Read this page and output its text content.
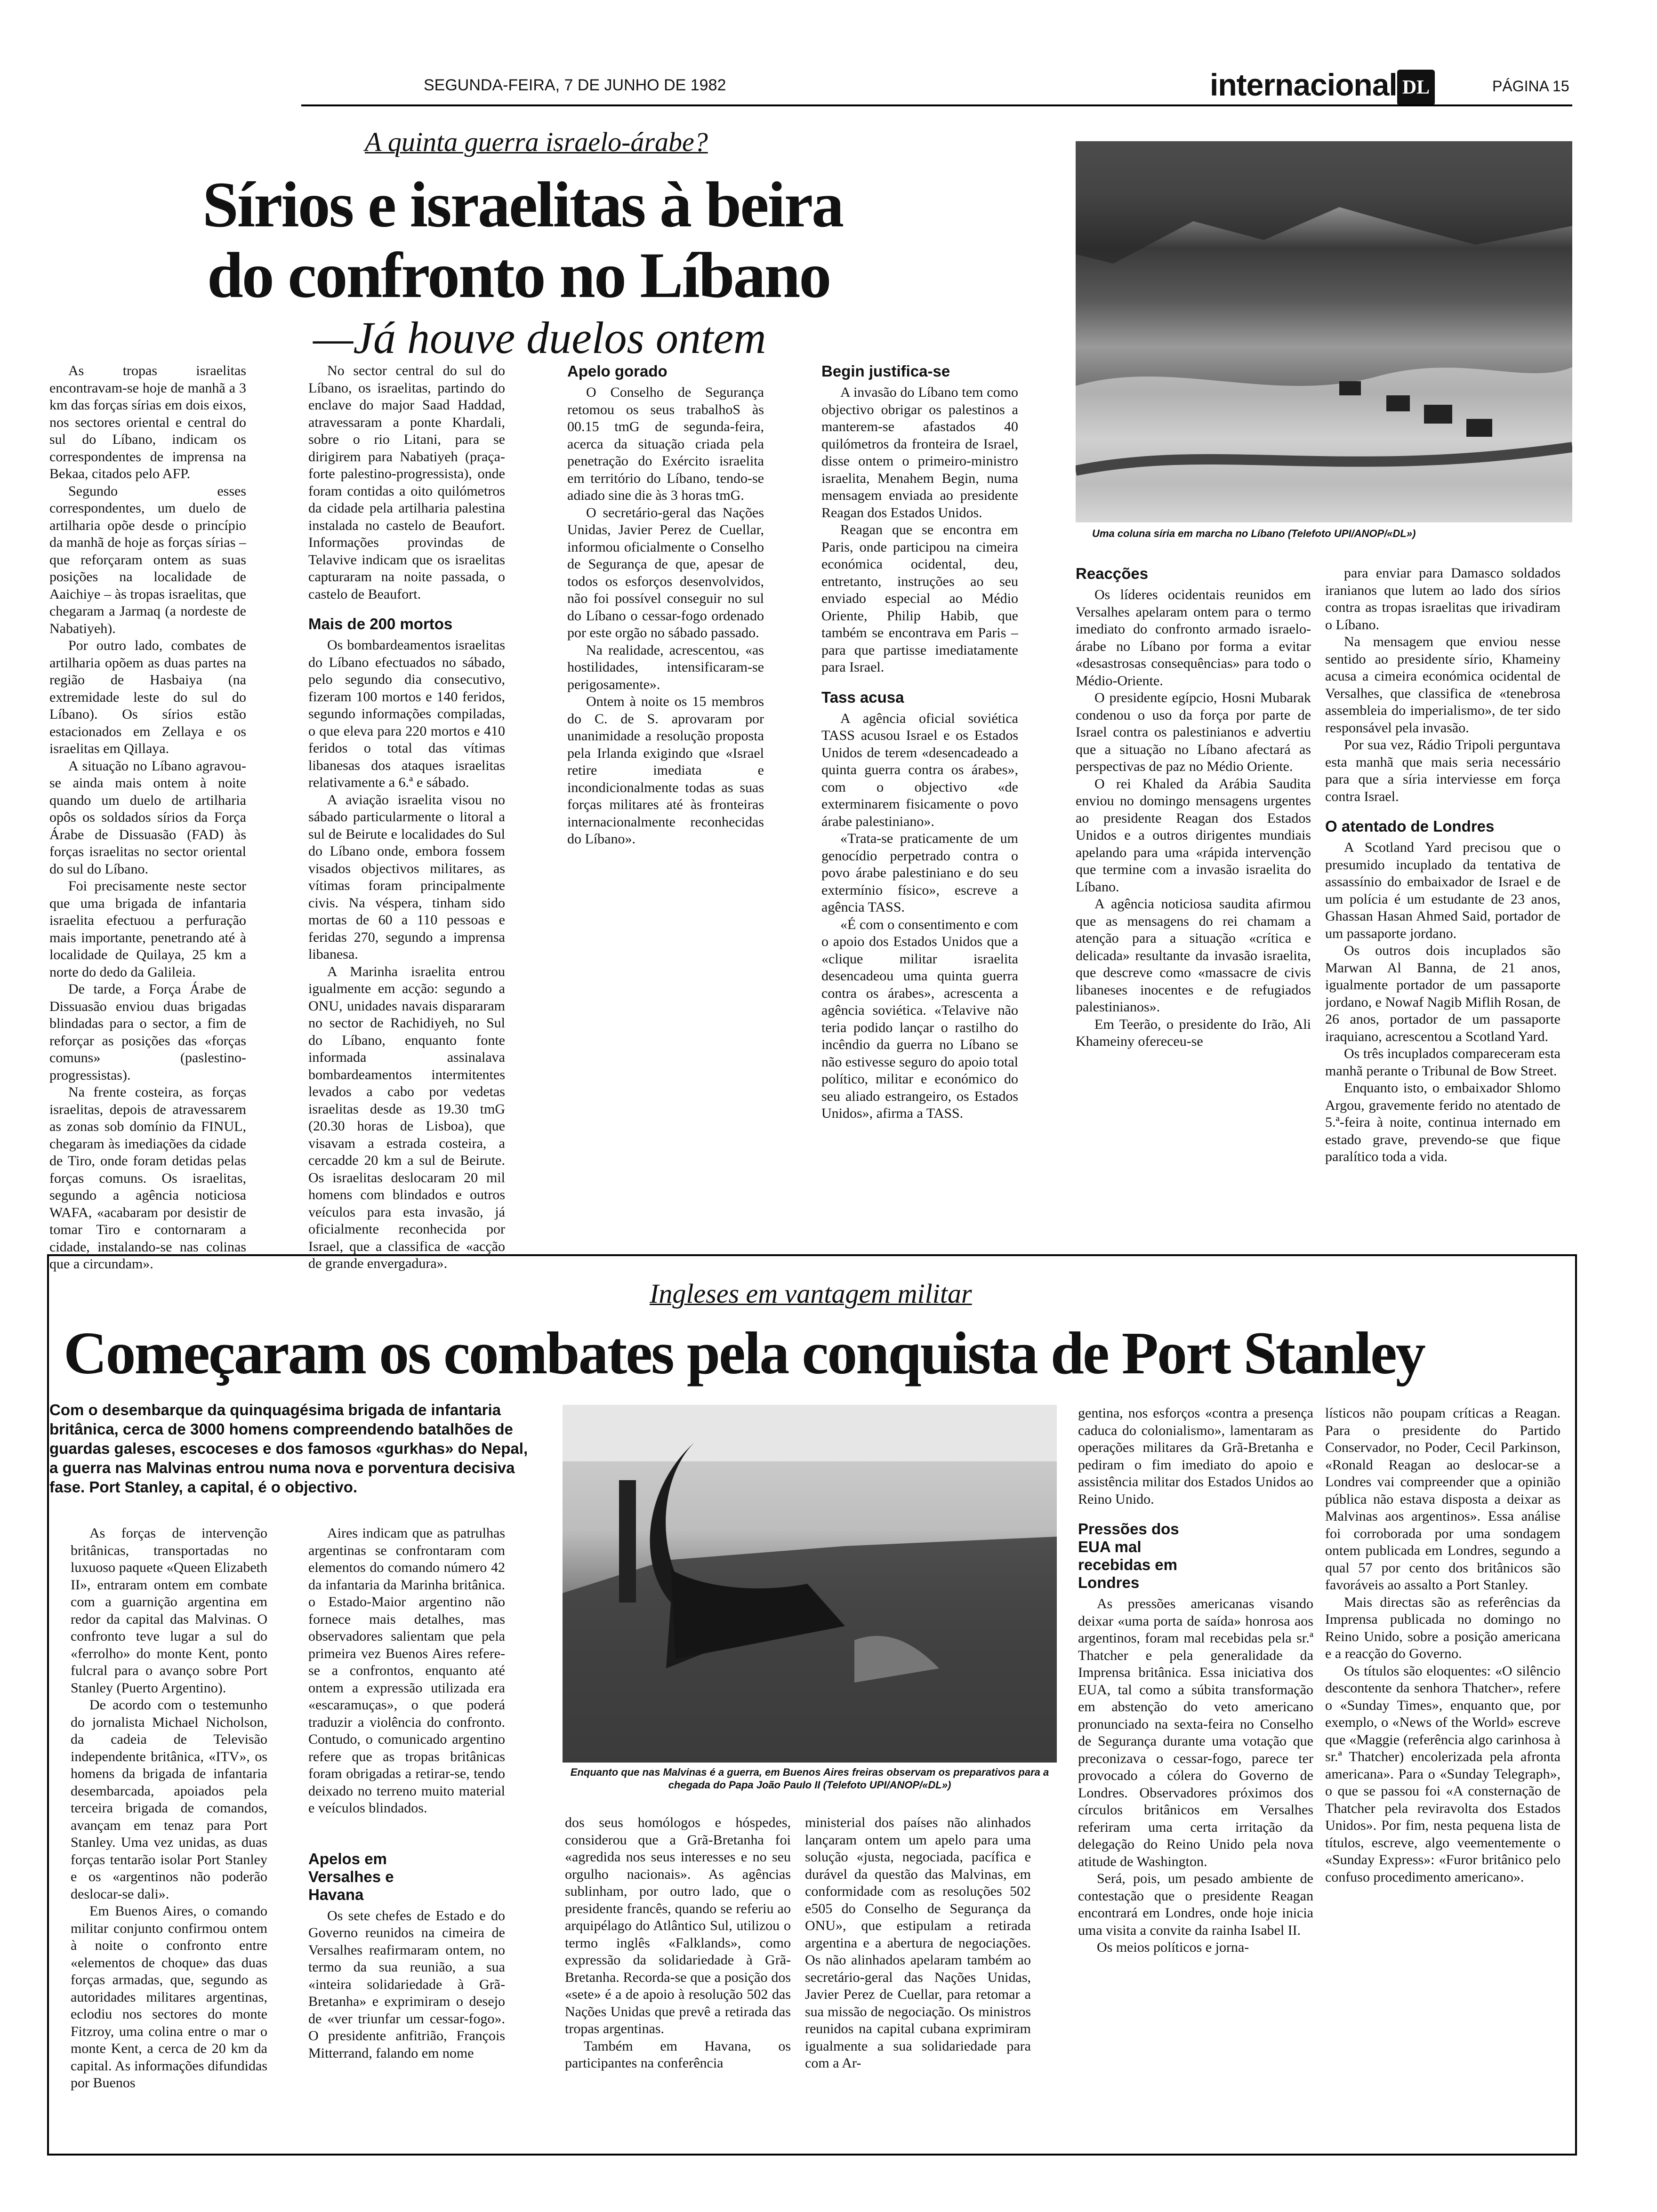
SEGUNDA-FEIRA, 7 DE JUNHO DE 1982	internacional DL	PÁGINA 15
A quinta guerra israelo-árabe?
Sírios e israelitas à beira
do confronto no Líbano
—Já houve duelos ontem
Uma coluna síria em marcha no Líbano (Telefoto UPI/ANOP/«DL»)

As tropas israelitas encontravam-se hoje de manhã a 3 km das forças sírias em dois eixos, nos sectores oriental e central do sul do Líbano, indicam os correspondentes de imprensa na Bekaa, citados pelo AFP.

Segundo esses correspondentes, um duelo de artilharia opõe desde o princípio da manhã de hoje as forças sírias – que reforçaram ontem as suas posições na localidade de Aaichiye – às tropas israelitas, que chegaram a Jarmaq (a nordeste de Nabatiyeh).

Por outro lado, combates de artilharia opõem as duas partes na região de Hasbaiya (na extremidade leste do sul do Líbano). Os sírios estão estacionados em Zellaya e os israelitas em Qillaya.

A situação no Líbano agravou-se ainda mais ontem à noite quando um duelo de artilharia opôs os soldados sírios da Força Árabe de Dissuasão (FAD) às forças israelitas no sector oriental do sul do Líbano.

Foi precisamente neste sector que uma brigada de infantaria israelita efectuou a perfuração mais importante, penetrando até à localidade de Quilaya, 25 km a norte do dedo da Galileia.

De tarde, a Força Árabe de Dissuasão enviou duas brigadas blindadas para o sector, a fim de reforçar as posições das «forças comuns» (paslestino-progressistas).

Na frente costeira, as forças israelitas, depois de atravessarem as zonas sob domínio da FINUL, chegaram às imediações da cidade de Tiro, onde foram detidas pelas forças comuns. Os israelitas, segundo a agência noticiosa WAFA, «acabaram por desistir de tomar Tiro e contornaram a cidade, instalando-se nas colinas que a circundam».

No sector central do sul do Líbano, os israelitas, partindo do enclave do major Saad Haddad, atravessaram a ponte Khardali, sobre o rio Litani, para se dirigirem para Nabatiyeh (praça-forte palestino-progressista), onde foram contidas a oito quilómetros da cidade pela artilharia palestina instalada no castelo de Beaufort. Informações provindas de Telavive indicam que os israelitas capturaram na noite passada, o castelo de Beaufort.

Mais de 200 mortos

Os bombardeamentos israelitas do Líbano efectuados no sábado, pelo segundo dia consecutivo, fizeram 100 mortos e 140 feridos, segundo informações compiladas, o que eleva para 220 mortos e 410 feridos o total das vítimas libanesas dos ataques israelitas relativamente a 6.ª e sábado.

A aviação israelita visou no sábado particularmente o litoral a sul de Beirute e localidades do Sul do Líbano onde, embora fossem visados objectivos militares, as vítimas foram principalmente civis. Na véspera, tinham sido mortas de 60 a 110 pessoas e feridas 270, segundo a imprensa libanesa.

A Marinha israelita entrou igualmente em acção: segundo a ONU, unidades navais dispararam no sector de Rachidiyeh, no Sul do Líbano, enquanto fonte informada assinalava bombardeamentos intermitentes levados a cabo por vedetas israelitas desde as 19.30 tmG (20.30 horas de Lisboa), que visavam a estrada costeira, a cercadde 20 km a sul de Beirute. Os israelitas deslocaram 20 mil homens com blindados e outros veículos para esta invasão, já oficialmente reconhecida por Israel, que a classifica de «acção de grande envergadura».

Apelo gorado

O Conselho de Segurança retomou os seus trabalhoS às 00.15 tmG de segunda-feira, acerca da situação criada pela penetração do Exército israelita em território do Líbano, tendo-se adiado sine die às 3 horas tmG.

O secretário-geral das Nações Unidas, Javier Perez de Cuellar, informou oficialmente o Conselho de Segurança de que, apesar de todos os esforços desenvolvidos, não foi possível conseguir no sul do Líbano o cessar-fogo ordenado por este orgão no sábado passado.

Na realidade, acrescentou, «as hostilidades, intensificaram-se perigosamente».

Ontem à noite os 15 membros do C. de S. aprovaram por unanimidade a resolução proposta pela Irlanda exigindo que «Israel retire imediata e incondicionalmente todas as suas forças militares até às fronteiras internacionalmente reconhecidas do Líbano».

Begin justifica-se

A invasão do Líbano tem como objectivo obrigar os palestinos a manterem-se afastados 40 quilómetros da fronteira de Israel, disse ontem o primeiro-ministro israelita, Menahem Begin, numa mensagem enviada ao presidente Reagan dos Estados Unidos.

Reagan que se encontra em Paris, onde participou na cimeira económica ocidental, deu, entretanto, instruções ao seu enviado especial ao Médio Oriente, Philip Habib, que também se encontrava em Paris – para que partisse imediatamente para Israel.

Tass acusa

A agência oficial soviética TASS acusou Israel e os Estados Unidos de terem «desencadeado a quinta guerra contra os árabes», com o objectivo «de exterminarem fisicamente o povo árabe palestiniano».

«Trata-se praticamente de um genocídio perpetrado contra o povo árabe palestiniano e do seu extermínio físico», escreve a agência TASS.

«É com o consentimento e com o apoio dos Estados Unidos que a «clique militar israelita desencadeou uma quinta guerra contra os árabes», acrescenta a agência soviética. «Telavive não teria podido lançar o rastilho do incêndio da guerra no Líbano se não estivesse seguro do apoio total político, militar e económico do seu aliado estrangeiro, os Estados Unidos», afirma a TASS.

Reacções

Os líderes ocidentais reunidos em Versalhes apelaram ontem para o termo imediato do confronto armado israelo-árabe no Líbano por forma a evitar «desastrosas consequências» para todo o Médio-Oriente.

O presidente egípcio, Hosni Mubarak condenou o uso da força por parte de Israel contra os palestinianos e advertiu que a situação no Líbano afectará as perspectivas de paz no Médio Oriente.

O rei Khaled da Arábia Saudita enviou no domingo mensagens urgentes ao presidente Reagan dos Estados Unidos e a outros dirigentes mundiais apelando para uma «rápida intervenção que termine com a invasão israelita do Líbano.

A agência noticiosa saudita afirmou que as mensagens do rei chamam a atenção para a situação «crítica e delicada» resultante da invasão israelita, que descreve como «massacre de civis libaneses inocentes e de refugiados palestinianos».

Em Teerão, o presidente do Irão, Ali Khameiny ofereceu-se

para enviar para Damasco soldados iranianos que lutem ao lado dos sírios contra as tropas israelitas que irivadiram o Líbano.

Na mensagem que enviou nesse sentido ao presidente sírio, Khameiny acusa a cimeira económica ocidental de Versalhes, que classifica de «tenebrosa assembleia do imperialismo», de ter sido responsável pela invasão.

Por sua vez, Rádio Tripoli perguntava esta manhã que mais seria necessário para que a síria interviesse em força contra Israel.

O atentado de Londres

A Scotland Yard precisou que o presumido incuplado da tentativa de assassínio do embaixador de Israel e de um polícia é um estudante de 23 anos, Ghassan Hasan Ahmed Said, portador de um passaporte jordano.

Os outros dois incuplados são Marwan Al Banna, de 21 anos, igualmente portador de um passaporte jordano, e Nowaf Nagib Miflih Rosan, de 26 anos, portador de um passaporte iraquiano, acrescentou a Scotland Yard.

Os três incuplados compareceram esta manhã perante o Tribunal de Bow Street.

Enquanto isto, o embaixador Shlomo Argou, gravemente ferido no atentado de 5.ª-feira à noite, continua internado em estado grave, prevendo-se que fique paralítico toda a vida.

Ingleses em vantagem militar
Começaram os combates pela conquista de Port Stanley
Com o desembarque da quinquagésima brigada de infantaria britânica, cerca de 3000 homens compreendendo batalhões de guardas galeses, escoceses e dos famosos «gurkhas» do Nepal, a guerra nas Malvinas entrou numa nova e porventura decisiva fase. Port Stanley, a capital, é o objectivo.
Enquanto que nas Malvinas é a guerra, em Buenos Aires freiras observam os preparativos para a chegada do Papa João Paulo II (Telefoto UPI/ANOP/«DL»)

As forças de intervenção britânicas, transportadas no luxuoso paquete «Queen Elizabeth II», entraram ontem em combate com a guarnição argentina em redor da capital das Malvinas. O confronto teve lugar a sul do «ferrolho» do monte Kent, ponto fulcral para o avanço sobre Port Stanley (Puerto Argentino).

De acordo com o testemunho do jornalista Michael Nicholson, da cadeia de Televisão independente britânica, «ITV», os homens da brigada de infantaria desembarcada, apoiados pela terceira brigada de comandos, avançam em tenaz para Port Stanley. Uma vez unidas, as duas forças tentarão isolar Port Stanley e os «argentinos não poderão deslocar-se dali».

Em Buenos Aires, o comando militar conjunto confirmou ontem à noite o confronto entre «elementos de choque» das duas forças armadas, que, segundo as autoridades militares argentinas, eclodiu nos sectores do monte Fitzroy, uma colina entre o mar o monte Kent, a cerca de 20 km da capital. As informações difundidas por Buenos

Aires indicam que as patrulhas argentinas se confrontaram com elementos do comando número 42 da infantaria da Marinha britânica. o Estado-Maior argentino não fornece mais detalhes, mas observadores salientam que pela primeira vez Buenos Aires refere-se a confrontos, enquanto até ontem a expressão utilizada era «escaramuças», o que poderá traduzir a violência do confronto. Contudo, o comunicado argentino refere que as tropas britânicas foram obrigadas a retirar-se, tendo deixado no terreno muito material e veículos blindados.

Apelos em Versalhes e Havana

Os sete chefes de Estado e do Governo reunidos na cimeira de Versalhes reafirmaram ontem, no termo da sua reunião, a sua «inteira solidariedade à Grã-Bretanha» e exprimiram o desejo de «ver triunfar um cessar-fogo». O presidente anfitrião, François Mitterrand, falando em nome

dos seus homólogos e hóspedes, considerou que a Grã-Bretanha foi «agredida nos seus interesses e no seu orgulho nacionais». As agências sublinham, por outro lado, que o presidente francês, quando se referiu ao arquipélago do Atlântico Sul, utilizou o termo inglês «Falklands», como expressão da solidariedade à Grã-Bretanha. Recorda-se que a posição dos «sete» é a de apoio à resolução 502 das Nações Unidas que prevê a retirada das tropas argentinas.

Também em Havana, os participantes na conferência

ministerial dos países não alinhados lançaram ontem um apelo para uma solução «justa, negociada, pacífica e durável da questão das Malvinas, em conformidade com as resoluções 502 e505 do Conselho de Segurança da ONU», que estipulam a retirada argentina e a abertura de negociações. Os não alinhados apelaram também ao secretário-geral das Nações Unidas, Javier Perez de Cuellar, para retomar a sua missão de negociação. Os ministros reunidos na capital cubana exprimiram igualmente a sua solidariedade para com a Ar-

gentina, nos esforços «contra a presença caduca do colonialismo», lamentaram as operações militares da Grã-Bretanha e pediram o fim imediato do apoio e assistência militar dos Estados Unidos ao Reino Unido.

Pressões dos EUA mal recebidas em Londres

As pressões americanas visando deixar «uma porta de saída» honrosa aos argentinos, foram mal recebidas pela sr.ª Thatcher e pela generalidade da Imprensa britânica. Essa iniciativa dos EUA, tal como a súbita transformação em abstenção do veto americano pronunciado na sexta-feira no Conselho de Segurança durante uma votação que preconizava o cessar-fogo, parece ter provocado a cólera do Governo de Londres. Observadores próximos dos círculos britânicos em Versalhes referiram uma certa irritação da delegação do Reino Unido pela nova atitude de Washington.

Será, pois, um pesado ambiente de contestação que o presidente Reagan encontrará em Londres, onde hoje inicia uma visita a convite da rainha Isabel II.

Os meios políticos e jorna-

lísticos não poupam críticas a Reagan. Para o presidente do Partido Conservador, no Poder, Cecil Parkinson, «Ronald Reagan ao deslocar-se a Londres vai compreender que a opinião pública não estava disposta a deixar as Malvinas aos argentinos». Essa análise foi corroborada por uma sondagem ontem publicada em Londres, segundo a qual 57 por cento dos britânicos são favoráveis ao assalto a Port Stanley.

Mais directas são as referências da Imprensa publicada no domingo no Reino Unido, sobre a posição americana e a reacção do Governo.

Os títulos são eloquentes: «O silêncio descontente da senhora Thatcher», refere o «Sunday Times», enquanto que, por exemplo, o «News of the World» escreve que «Maggie (referência algo carinhosa à sr.ª Thatcher) encolerizada pela afronta americana». Para o «Sunday Telegraph», o que se passou foi «A consternação de Thatcher pela reviravolta dos Estados Unidos». Por fim, nesta pequena lista de títulos, escreve, algo veementemente o «Sunday Express»: «Furor britânico pelo confuso procedimento americano».
